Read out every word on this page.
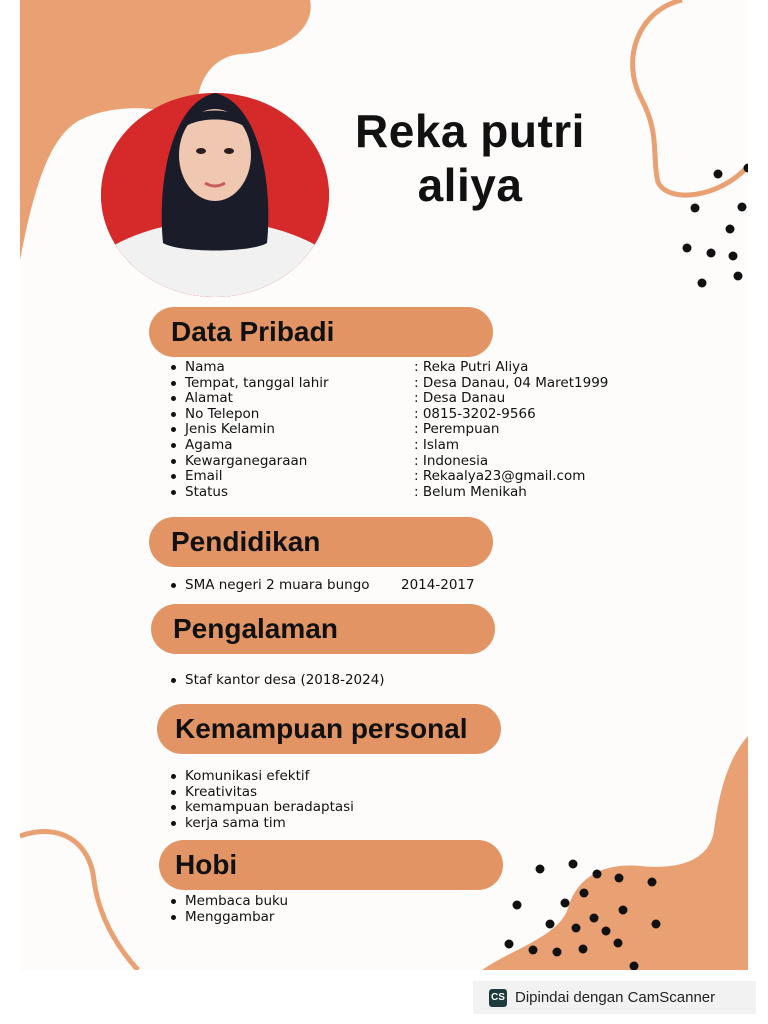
Reka putri aliya
Data Pribadi
Nama	: Reka Putri Aliya
Tempat, tanggal lahir	: Desa Danau, 04 Maret1999
Alamat	: Desa Danau
No Telepon	: 0815-3202-9566
Jenis Kelamin	: Perempuan
Agama	: Islam
Kewarganegaraan	: Indonesia
Email	: Rekaalya23@gmail.com
Status	: Belum Menikah
Pendidikan
SMA negeri 2 muara bungo 2014-2017
Pengalaman
Staf kantor desa (2018-2024)
Kemampuan personal
Komunikasi efektif
Kreativitas
kemampuan beradaptasi
kerja sama tim
Hobi
Membaca buku
Menggambar
CS Dipindai dengan CamScanner
